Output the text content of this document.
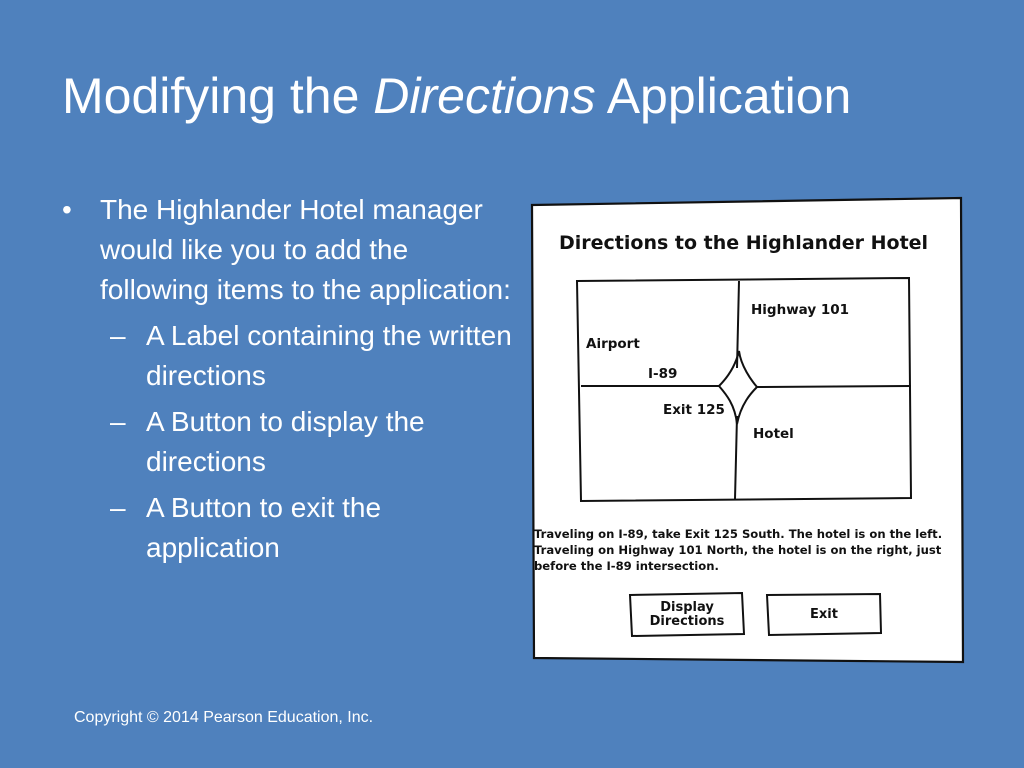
Modifying the Directions Application
• The Highlander Hotel manager would like you to add the following items to the application:
– A Label containing the written directions
– A Button to display the directions
– A Button to exit the application
Directions to the Highlander Hotel
Highway 101
Airport
I-89
Exit 125
Hotel
Traveling on I-89, take Exit 125 South. The hotel is on the left.
Traveling on Highway 101 North, the hotel is on the right, just
before the I-89 intersection.
Display
Directions	Exit
Copyright © 2014 Pearson Education, Inc.
